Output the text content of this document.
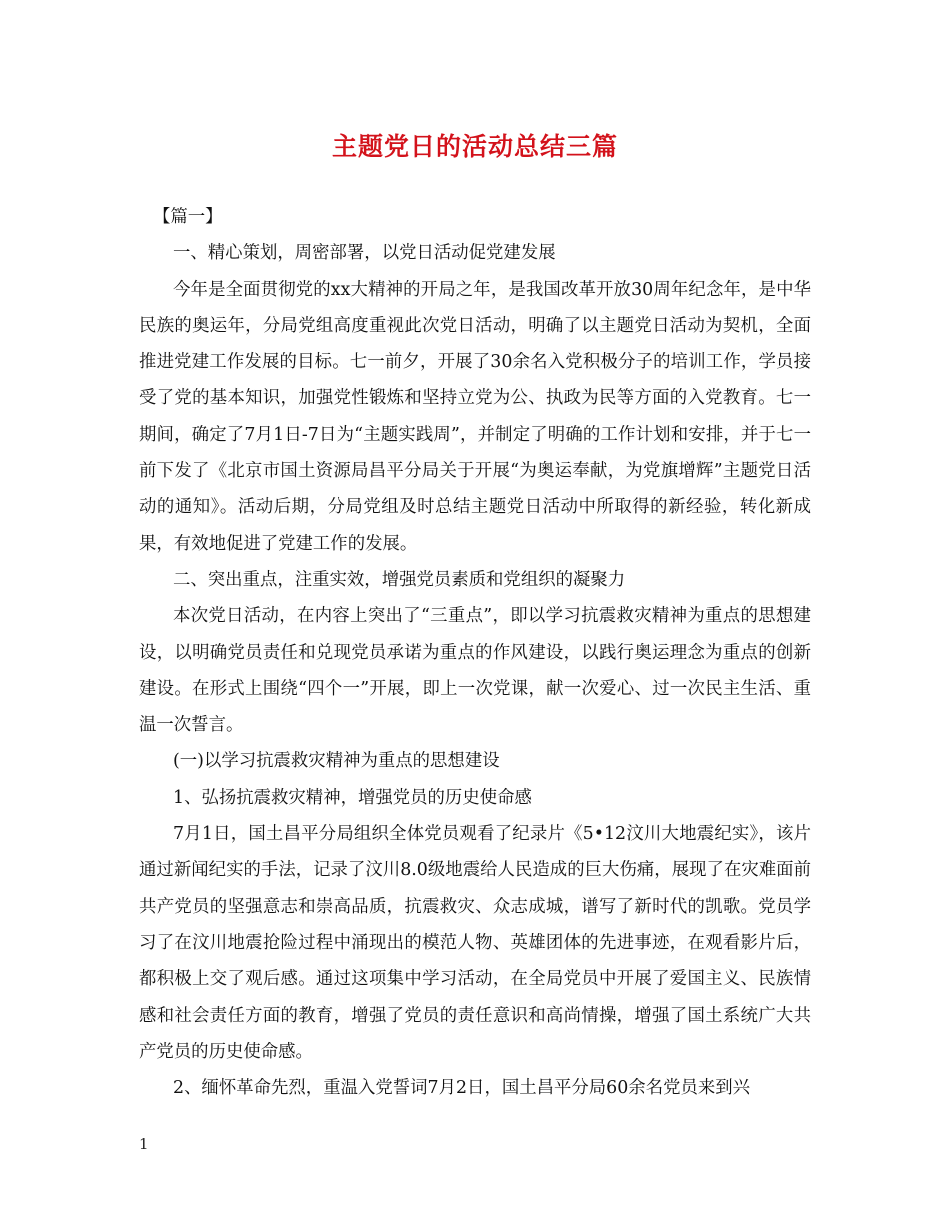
主题党日的活动总结三篇

【篇一】

一、精心策划，周密部署，以党日活动促党建发展

今年是全面贯彻党的xx大精神的开局之年，是我国改革开放30周年纪念年，是中华民族的奥运年，分局党组高度重视此次党日活动，明确了以主题党日活动为契机，全面推进党建工作发展的目标。七一前夕，开展了30余名入党积极分子的培训工作，学员接受了党的基本知识，加强党性锻炼和坚持立党为公、执政为民等方面的入党教育。七一期间，确定了7月1日-7日为“主题实践周”，并制定了明确的工作计划和安排，并于七一前下发了《北京市国土资源局昌平分局关于开展“为奥运奉献，为党旗增辉”主题党日活动的通知》。活动后期，分局党组及时总结主题党日活动中所取得的新经验，转化新成果，有效地促进了党建工作的发展。

二、突出重点，注重实效，增强党员素质和党组织的凝聚力

本次党日活动，在内容上突出了“三重点”，即以学习抗震救灾精神为重点的思想建设，以明确党员责任和兑现党员承诺为重点的作风建设，以践行奥运理念为重点的创新建设。在形式上围绕“四个一”开展，即上一次党课，献一次爱心、过一次民主生活、重温一次誓言。

(一)以学习抗震救灾精神为重点的思想建设

1、弘扬抗震救灾精神，增强党员的历史使命感

7月1日，国土昌平分局组织全体党员观看了纪录片《5•12汶川大地震纪实》，该片通过新闻纪实的手法，记录了汶川8.0级地震给人民造成的巨大伤痛，展现了在灾难面前共产党员的坚强意志和崇高品质，抗震救灾、众志成城，谱写了新时代的凯歌。党员学习了在汶川地震抢险过程中涌现出的模范人物、英雄团体的先进事迹，在观看影片后，都积极上交了观后感。通过这项集中学习活动，在全局党员中开展了爱国主义、民族情感和社会责任方面的教育，增强了党员的责任意识和高尚情操，增强了国土系统广大共产党员的历史使命感。

2、缅怀革命先烈，重温入党誓词7月2日，国土昌平分局60余名党员来到兴

1
